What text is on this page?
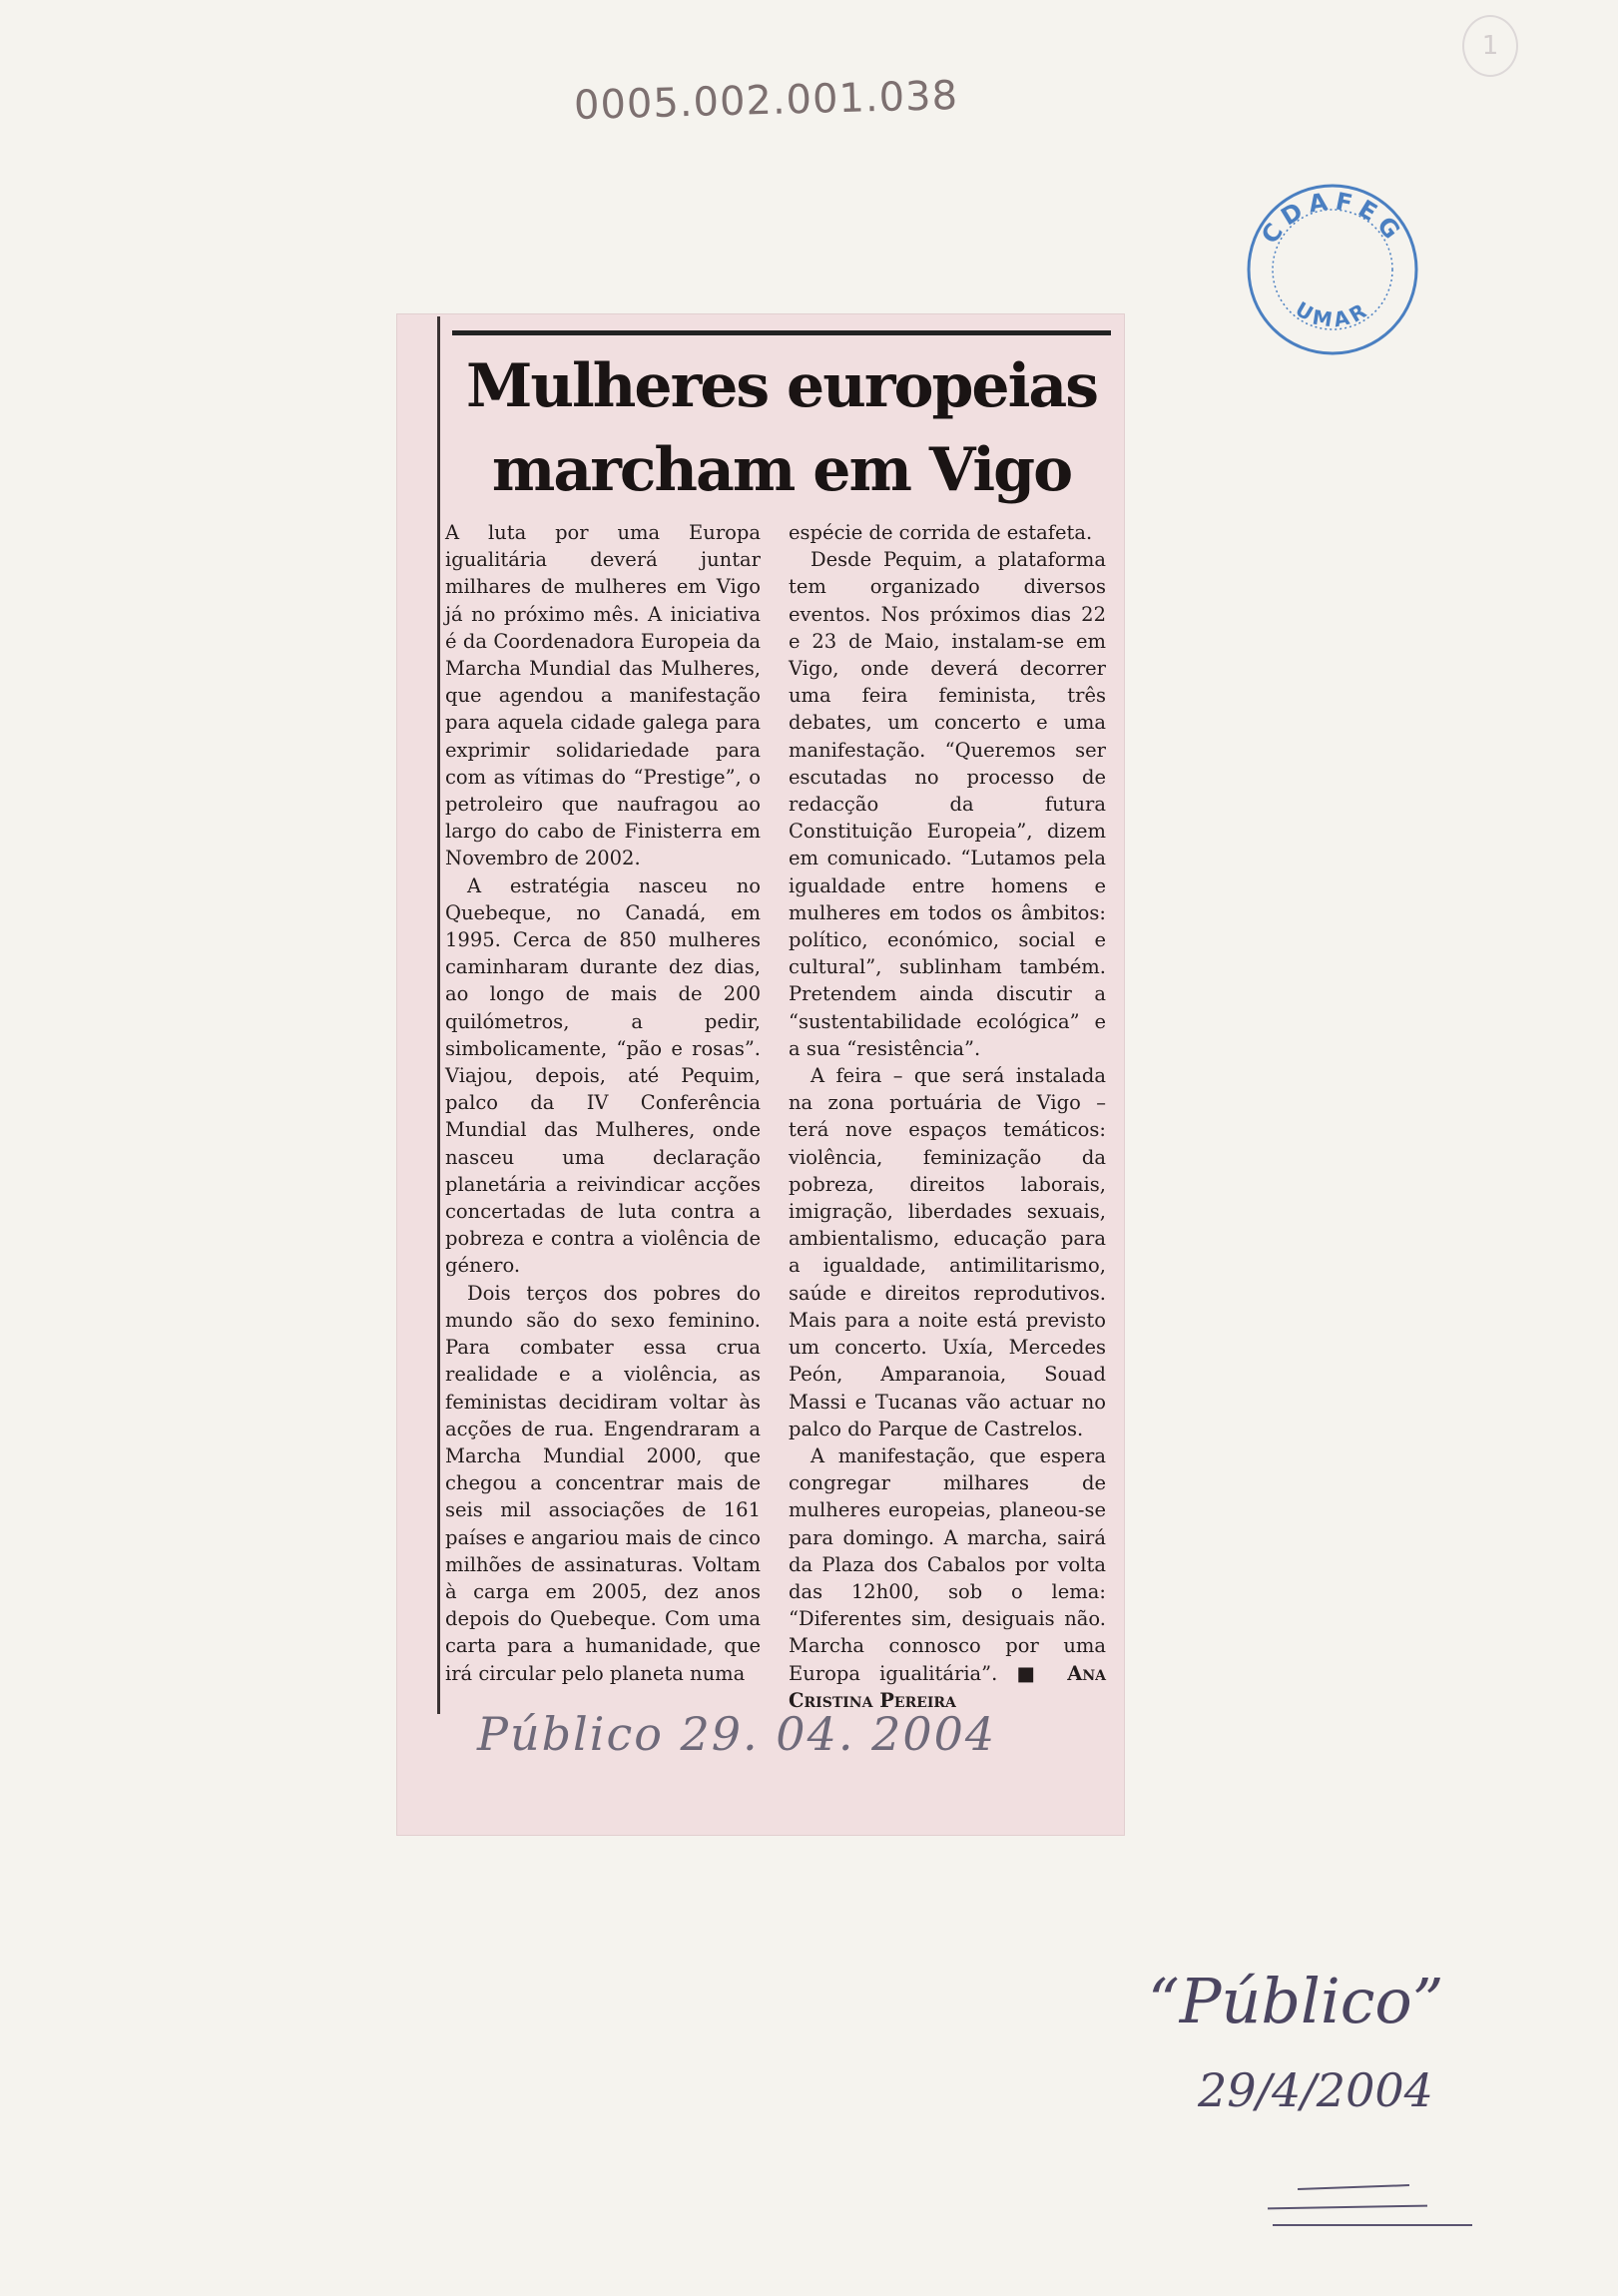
0005.002.001.038
1
CDAFEG
UMAR
Mulheres europeias
marcham em Vigo

A luta por uma Europa igualitária deverá juntar milhares de mulheres em Vigo já no próximo mês. A iniciativa é da Coordenadora Europeia da Marcha Mundial das Mulheres, que agendou a manifestação para aquela cidade galega para exprimir solidariedade para com as vítimas do “Prestige”, o petroleiro que naufragou ao largo do cabo de Finisterra em Novembro de 2002.

A estratégia nasceu no Quebeque, no Canadá, em 1995. Cerca de 850 mulheres caminharam durante dez dias, ao longo de mais de 200 quilómetros, a pedir, simbolicamente, “pão e rosas”. Viajou, depois, até Pequim, palco da IV Conferência Mundial das Mulheres, onde nasceu uma declaração planetária a reivindicar acções concertadas de luta contra a pobreza e contra a violência de género.

Dois terços dos pobres do mundo são do sexo feminino. Para combater essa crua realidade e a violência, as feministas decidiram voltar às acções de rua. Engendraram a Marcha Mundial 2000, que chegou a concentrar mais de seis mil associações de 161 países e angariou mais de cinco milhões de assinaturas. Voltam à carga em 2005, dez anos depois do Quebeque. Com uma carta para a humanidade, que irá circular pelo planeta numa

espécie de corrida de estafeta.

Desde Pequim, a plataforma tem organizado diversos eventos. Nos próximos dias 22 e 23 de Maio, instalam-se em Vigo, onde deverá decorrer uma feira feminista, três debates, um concerto e uma manifestação. “Queremos ser escutadas no processo de redacção da futura Constituição Europeia”, dizem em comunicado. “Lutamos pela igualdade entre homens e mulheres em todos os âmbitos: político, económico, social e cultural”, sublinham também. Pretendem ainda discutir a “sustentabilidade ecológica” e a sua “resistência”.

A feira – que será instalada na zona portuária de Vigo – terá nove espaços temáticos: violência, feminização da pobreza, direitos laborais, imigração, liberdades sexuais, ambientalismo, educação para a igualdade, antimilitarismo, saúde e direitos reprodutivos. Mais para a noite está previsto um concerto. Uxía, Mercedes Peón, Amparanoia, Souad Massi e Tucanas vão actuar no palco do Parque de Castrelos.

A manifestação, que espera congregar milhares de mulheres europeias, planeou-se para domingo. A marcha, sairá da Plaza dos Cabalos por volta das 12h00, sob o lema: “Diferentes sim, desiguais não. Marcha connosco por uma Europa igualitária”. ■ Ana Cristina Pereira

Público 29. 04. 2004
“Público”
29/4/2004
